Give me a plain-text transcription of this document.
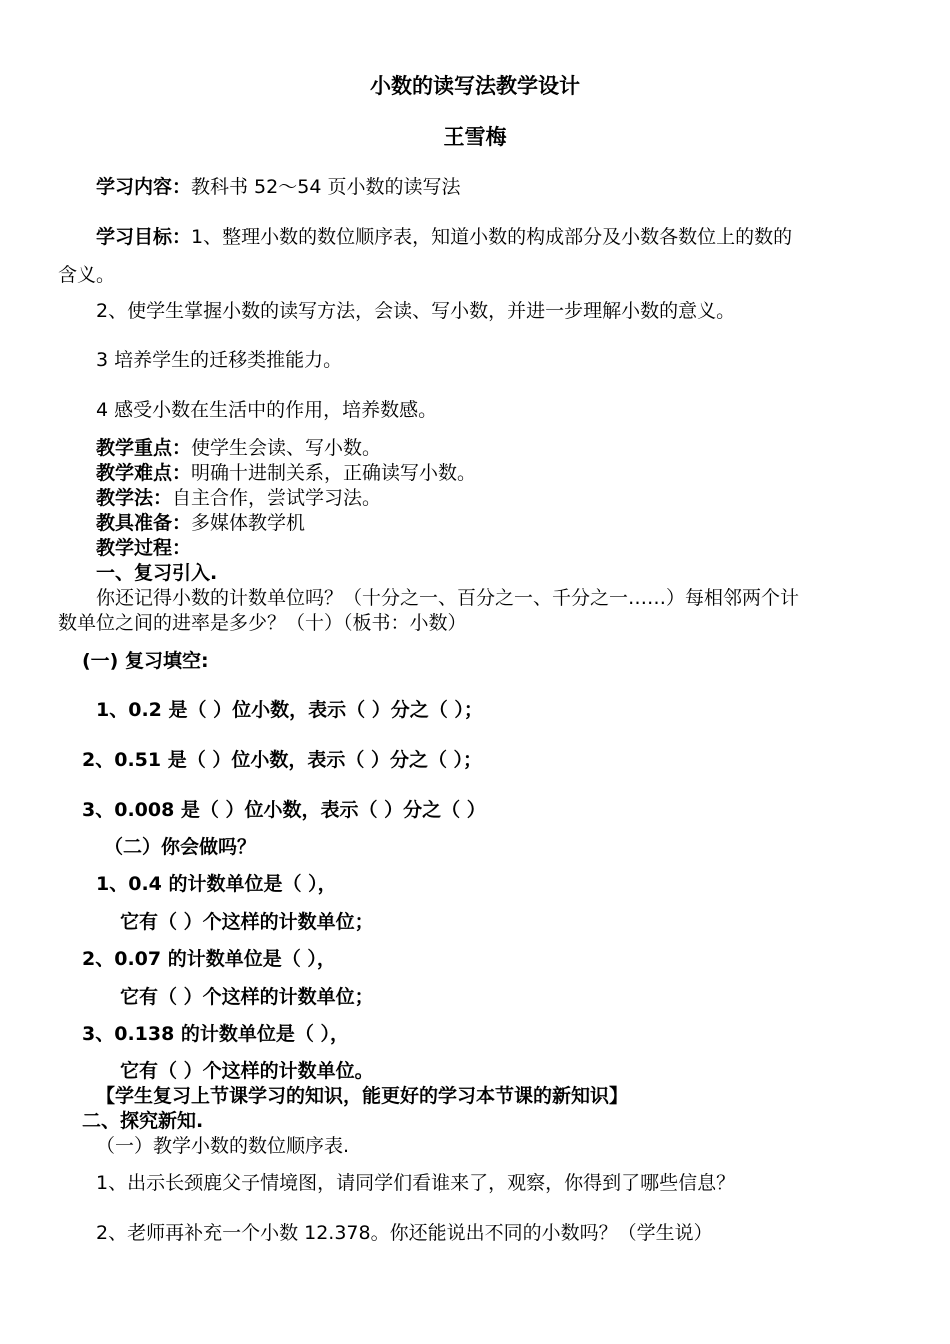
小数的读写法教学设计
王雪梅
学习内容：教科书 52～54 页小数的读写法
学习目标：1、整理小数的数位顺序表，知道小数的构成部分及小数各数位上的数的
含义。
2、使学生掌握小数的读写方法，会读、写小数，并进一步理解小数的意义。
3 培养学生的迁移类推能力。
4 感受小数在生活中的作用，培养数感。
教学重点：使学生会读、写小数。
教学难点：明确十进制关系，正确读写小数。
教学法：自主合作，尝试学习法。
教具准备：多媒体教学机
教学过程：
一、复习引入.
你还记得小数的计数单位吗？（十分之一、百分之一、千分之一……）每相邻两个计
数单位之间的进率是多少？（十）（板书：小数）
(一) 复习填空:
1、0.2 是（ ）位小数，表示（ ）分之（ ）；
2、0.51 是（ ）位小数，表示（ ）分之（ ）；
3、0.008 是（ ）位小数，表示（ ）分之（ ）
（二）你会做吗？
1、0.4 的计数单位是（ ），
它有（ ）个这样的计数单位；
2、0.07 的计数单位是（ ），
它有（ ）个这样的计数单位；
3、0.138 的计数单位是（ ），
它有（ ）个这样的计数单位。
【学生复习上节课学习的知识，能更好的学习本节课的新知识】
二、探究新知.
（一）教学小数的数位顺序表.
1、出示长颈鹿父子情境图，请同学们看谁来了，观察，你得到了哪些信息？
2、老师再补充一个小数 12.378。你还能说出不同的小数吗？（学生说）
